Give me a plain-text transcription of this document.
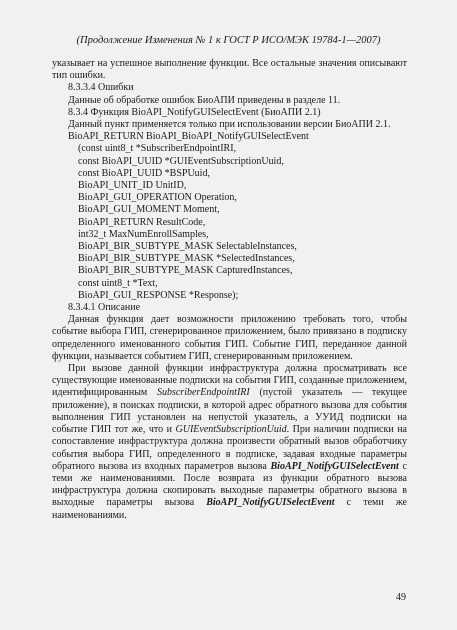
(Продолжение Изменения № 1 к ГОСТ Р ИСО/МЭК 19784-1—2007)

указывает на успешное выполнение функции. Все остальные значения описывают тип ошибки.

8.3.3.4 Ошибки

Данные об обработке ошибок БиоАПИ приведены в разделе 11.

8.3.4 Функция BioAPI_NotifyGUISelectEvent (БиоАПИ 2.1)

Данный пункт применяется только при использовании версии БиоАПИ 2.1.

BioAPI_RETURN BioAPI_BioAPI_NotifyGUISelectEvent

(const uint8_t *SubscriberEndpointIRI,

const BioAPI_UUID *GUIEventSubscriptionUuid,

const BioAPI_UUID *BSPUuid,

BioAPI_UNIT_ID UnitID,

BioAPI_GUI_OPERATION Operation,

BioAPI_GUI_MOMENT Moment,

BioAPI_RETURN ResultCode,

int32_t MaxNumEnrollSamples,

BioAPI_BIR_SUBTYPE_MASK SelectableInstances,

BioAPI_BIR_SUBTYPE_MASK *SelectedInstances,

BioAPI_BIR_SUBTYPE_MASK CapturedInstances,

const uint8_t *Text,

BioAPI_GUI_RESPONSE *Response);

8.3.4.1 Описание

Данная функция дает возможности приложению требовать того, чтобы событие выбора ГИП, сгенерированное приложением, было привязано в подписку определенного именованного события ГИП. Событие ГИП, переданное данной функции, называется событием ГИП, сгенерированным приложением.

При вызове данной функции инфраструктура должна просматривать все существующие именованные подписки на события ГИП, созданные приложением, идентифицированным SubscriberEndpointIRI (пустой указатель — текущее приложение), в поисках подписки, в которой адрес обратного вызова для события выполнения ГИП установлен на непустой указатель, а УУИД подписки на событие ГИП тот же, что и GUIEventSubscriptionUuid. При наличии подписки на сопоставление инфраструктура должна произвести обратный вызов обработчику события выбора ГИП, определенного в подписке, задавая входные параметры обратного вызова из входных параметров вызова BioAPI_NotifyGUISelectEvent с теми же наименованиями. После возврата из функции обратного вызова инфраструктура должна скопировать выходные параметры обратного вызова в выходные параметры вызова BioAPI_NotifyGUISelectEvent с теми же наименованиями.

49
